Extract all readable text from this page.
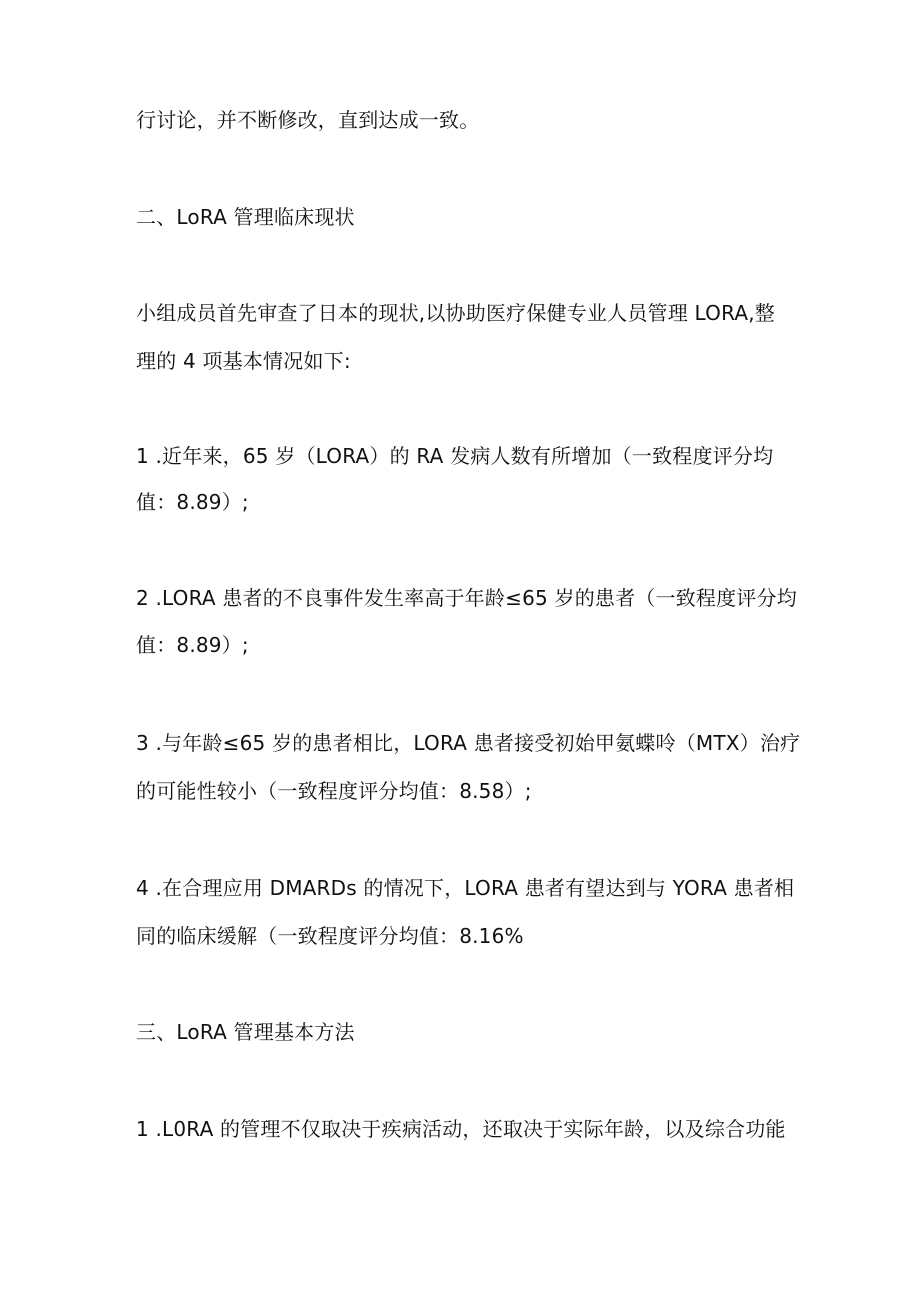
行讨论，并不断修改，直到达成一致。

二、LoRA 管理临床现状

小组成员首先审查了日本的现状,以协助医疗保健专业人员管理 LORA,整

理的 4 项基本情况如下:

1 .近年来，65 岁（LORA）的 RA 发病人数有所增加（一致程度评分均

值：8.89）;

2 .LORA 患者的不良事件发生率高于年龄≤65 岁的患者（一致程度评分均

值：8.89）;

3 .与年龄≤65 岁的患者相比，LORA 患者接受初始甲氨蝶呤（MTX）治疗

的可能性较小（一致程度评分均值：8.58）;

4 .在合理应用 DMARDs 的情况下，LORA 患者有望达到与 YORA 患者相

同的临床缓解（一致程度评分均值：8.16%

三、LoRA 管理基本方法

1 .L0RA 的管理不仅取决于疾病活动，还取决于实际年龄，以及综合功能
